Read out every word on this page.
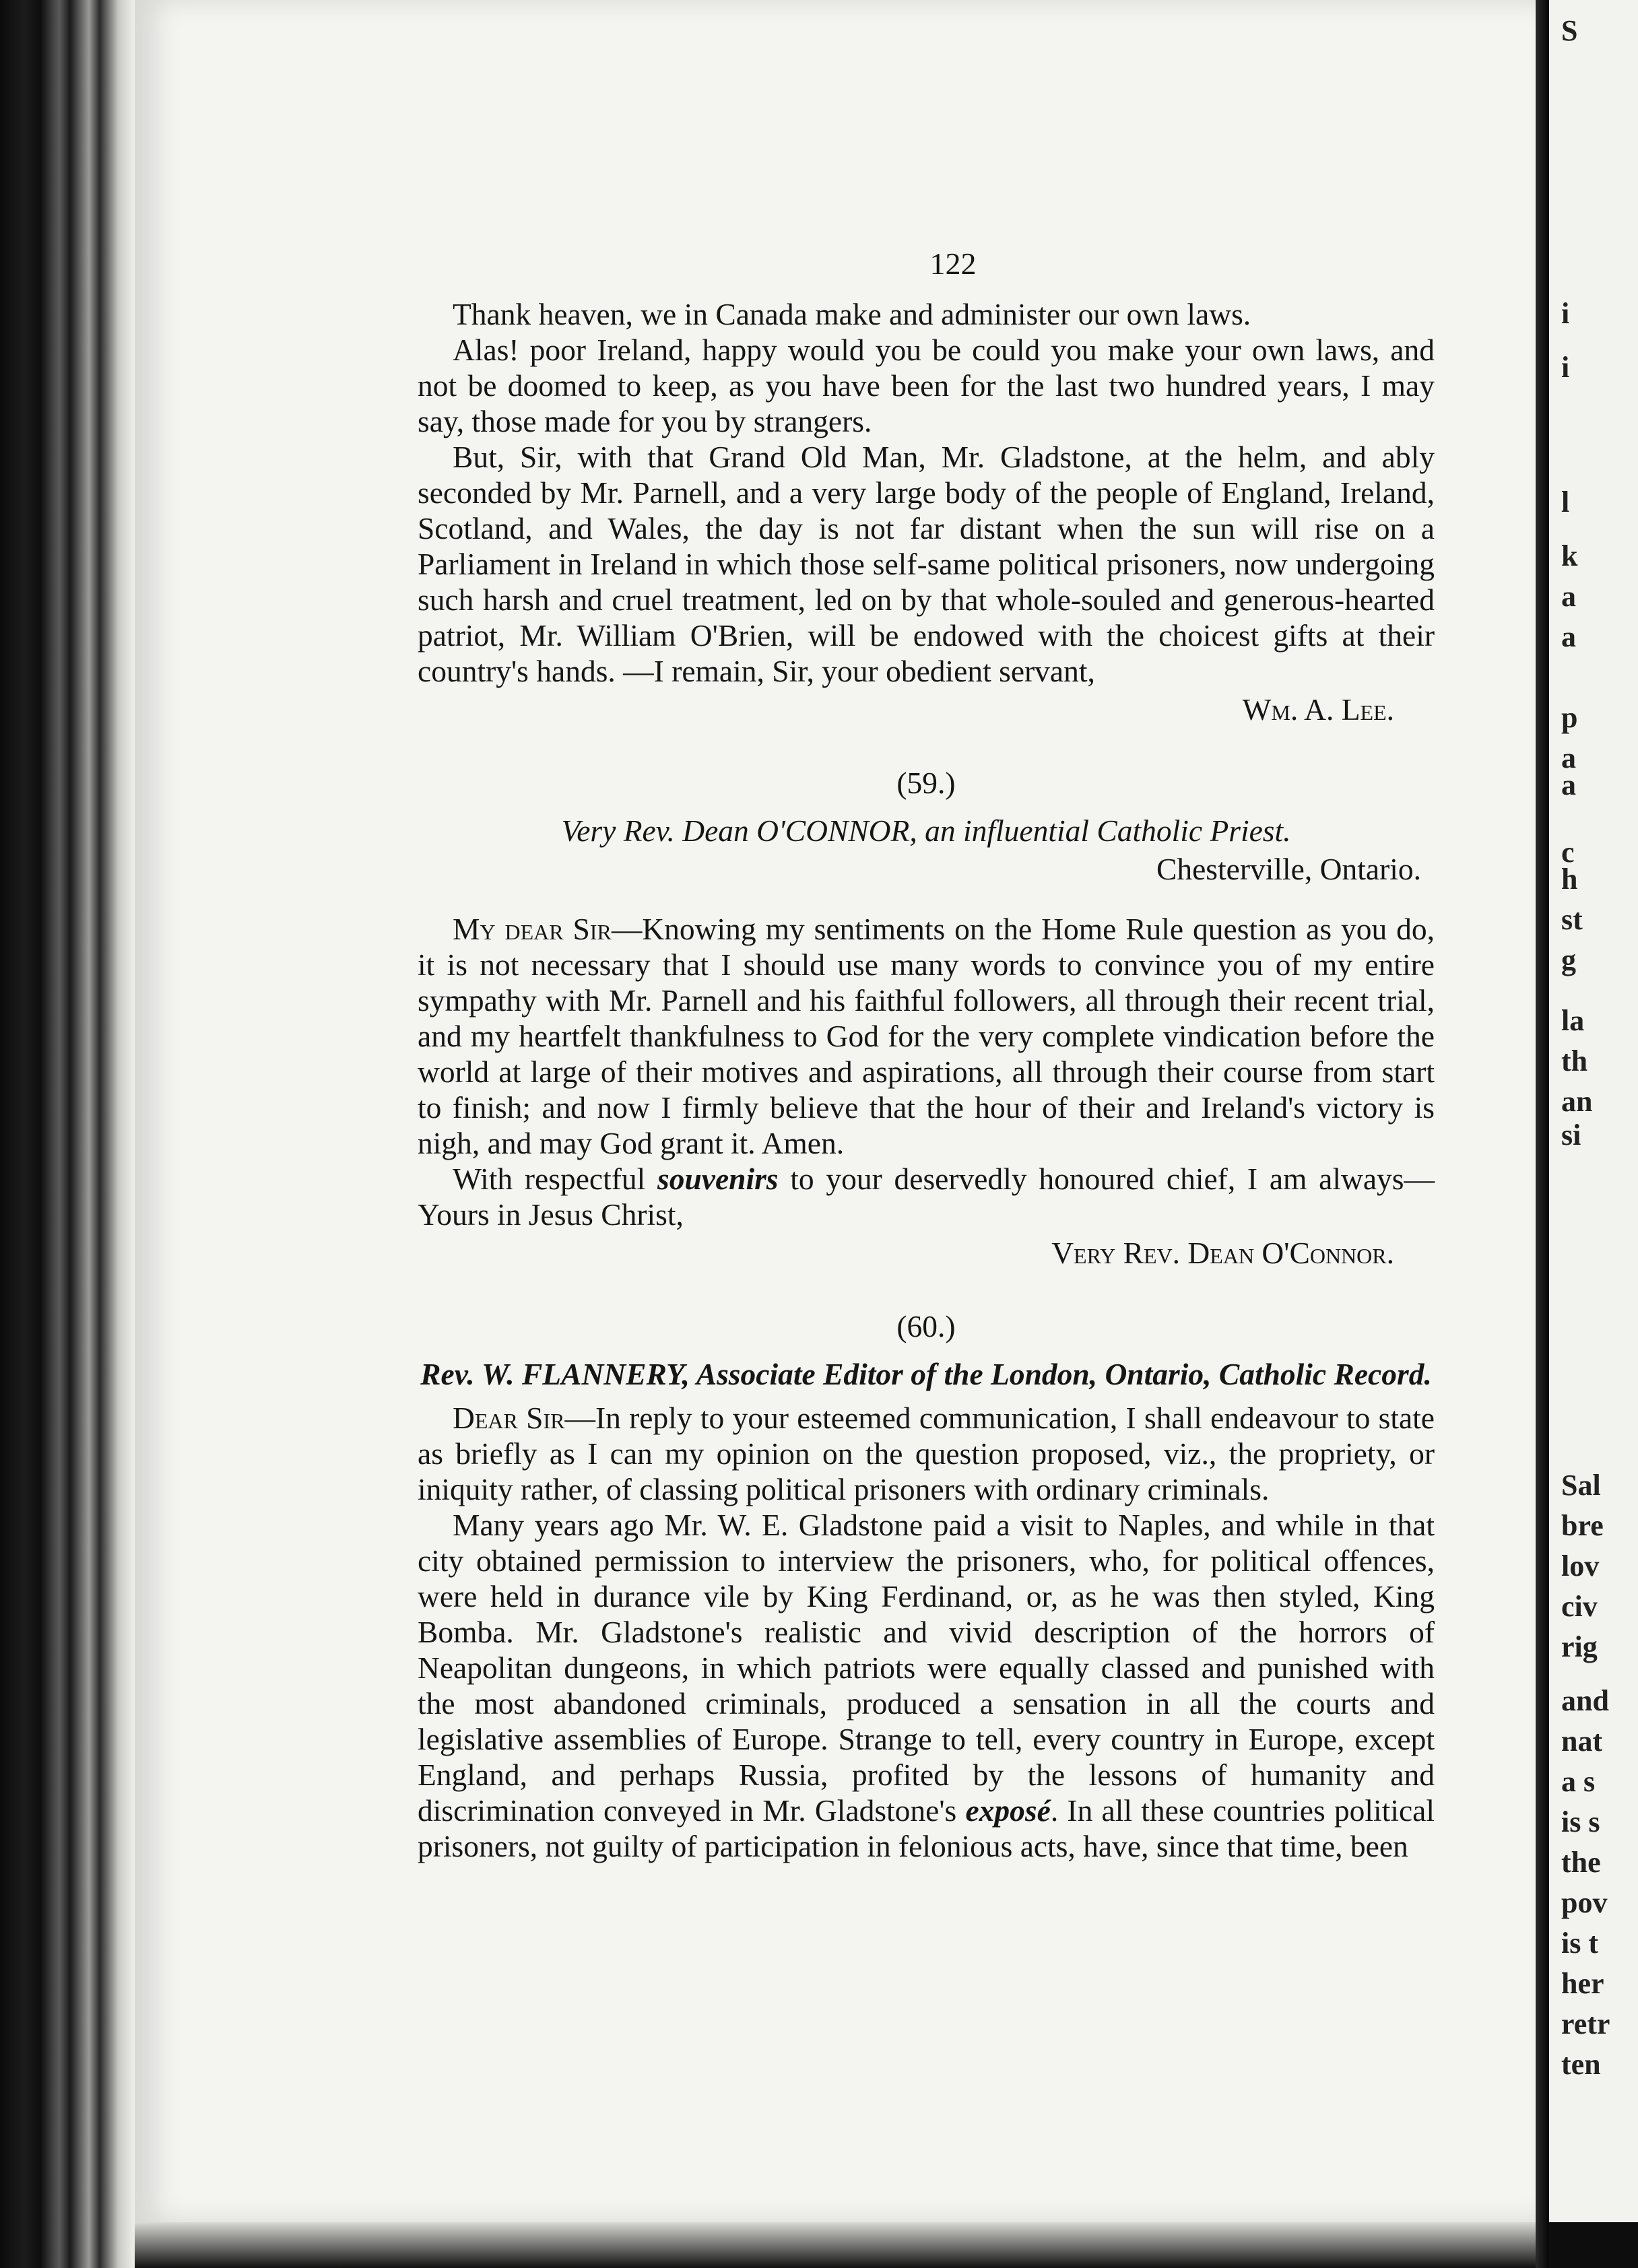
S
i
i
l
k
a
a
p
a
a
c
h
st
g
la
th
an
si
Sal
bre
lov
civ
rig
and
nat
a s
is s
the
pov
is t
her
retr
ten
122

Thank heaven, we in Canada make and administer our own laws.

Alas! poor Ireland, happy would you be could you make your own laws, and not be doomed to keep, as you have been for the last two hundred years, I may say, those made for you by strangers.

But, Sir, with that Grand Old Man, Mr. Gladstone, at the helm, and ably seconded by Mr. Parnell, and a very large body of the people of England, Ireland, Scotland, and Wales, the day is not far distant when the sun will rise on a Parliament in Ireland in which those self-same political prisoners, now undergoing such harsh and cruel treatment, led on by that whole-souled and generous-hearted patriot, Mr. William O'Brien, will be endowed with the choicest gifts at their country's hands. —I remain, Sir, your obedient servant,

Wm. A. Lee.
(59.)
Very Rev. Dean O'CONNOR, an influential Catholic Priest.
Chesterville, Ontario.

My dear Sir—Knowing my sentiments on the Home Rule question as you do, it is not necessary that I should use many words to convince you of my entire sympathy with Mr. Parnell and his faithful followers, all through their recent trial, and my heartfelt thankfulness to God for the very complete vindication before the world at large of their motives and aspirations, all through their course from start to finish; and now I firmly believe that the hour of their and Ireland's victory is nigh, and may God grant it. Amen.

With respectful souvenirs to your deservedly honoured chief, I am always—Yours in Jesus Christ,

Very Rev. Dean O'Connor.
(60.)
Rev. W. FLANNERY, Associate Editor of the London, Ontario, Catholic Record.

Dear Sir—In reply to your esteemed communication, I shall endeavour to state as briefly as I can my opinion on the question proposed, viz., the propriety, or iniquity rather, of classing political prisoners with ordinary criminals.

Many years ago Mr. W. E. Gladstone paid a visit to Naples, and while in that city obtained permission to interview the prisoners, who, for political offences, were held in durance vile by King Ferdinand, or, as he was then styled, King Bomba. Mr. Gladstone's realistic and vivid description of the horrors of Neapolitan dungeons, in which patriots were equally classed and punished with the most abandoned criminals, produced a sensation in all the courts and legislative assemblies of Europe. Strange to tell, every country in Europe, except England, and perhaps Russia, profited by the lessons of humanity and discrimination conveyed in Mr. Gladstone's exposé. In all these countries political prisoners, not guilty of participation in felonious acts, have, since that time, been
